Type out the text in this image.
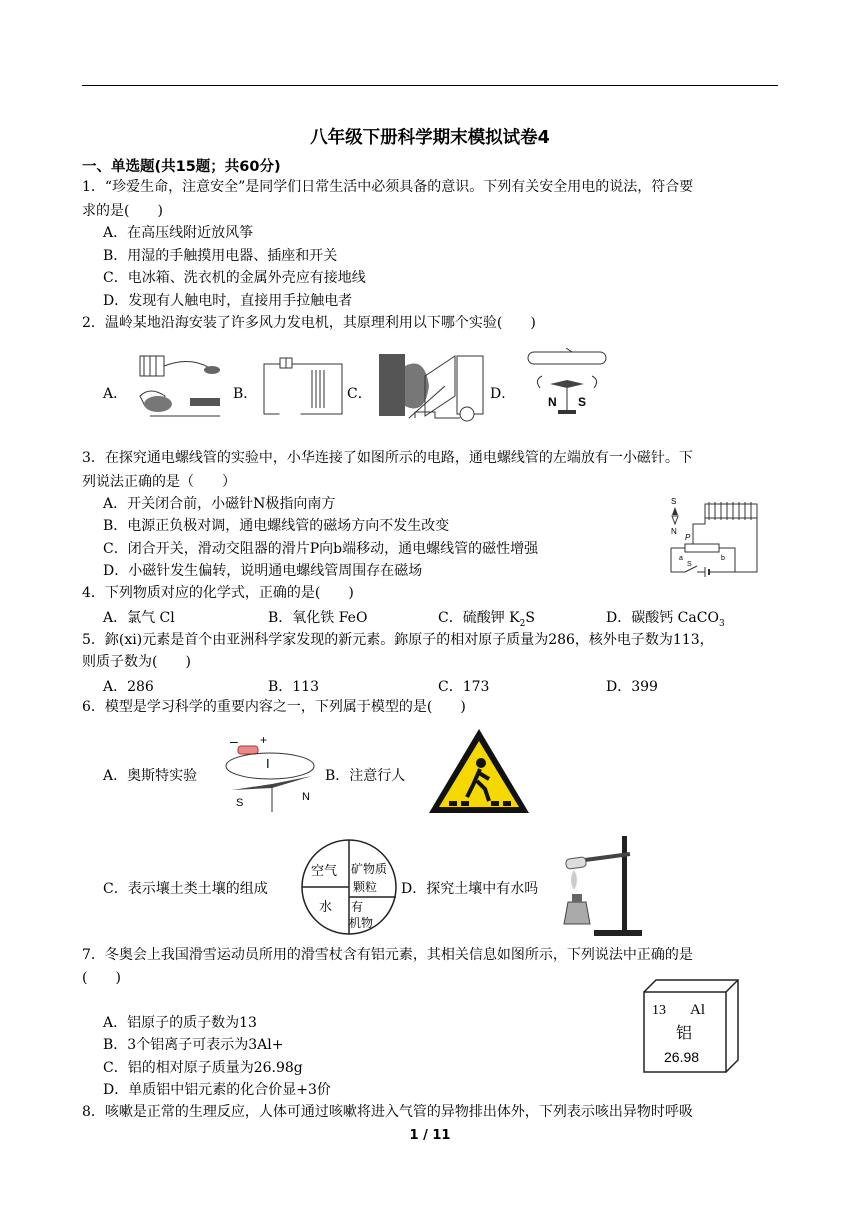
八年级下册科学期末模拟试卷4
一、单选题(共15题；共60分)
1．“珍爱生命，注意安全”是同学们日常生活中必须具备的意识。下列有关安全用电的说法，符合要
求的是(　　)
A．在高压线附近放风筝
B．用湿的手触摸用电器、插座和开关
C．电冰箱、洗衣机的金属外壳应有接地线
D．发现有人触电时，直接用手拉触电者
2．温岭某地沿海安装了许多风力发电机，其原理利用以下哪个实验(　　)
A．	B．	C．	D．	N S
3．在探究通电螺线管的实验中，小华连接了如图所示的电路，通电螺线管的左端放有一小磁针。下
列说法正确的是（　　）
A．开关闭合前，小磁针N极指向南方
B．电源正负极对调，通电螺线管的磁场方向不发生改变
C．闭合开关，滑动交阻器的滑片P向b端移动，通电螺线管的磁性增强
D．小磁针发生偏转，说明通电螺线管周围存在磁场
S
N
P
a	b
S
4．下列物质对应的化学式，正确的是(　　)
A．氯气 Cl	B．氧化铁 FeO	C．硫酸钾 $K_2S$	D．碳酸钙 CaCO$_3$
5．鉨(xi)元素是首个由亚洲科学家发现的新元素。鉨原子的相对原子质量为286，核外电子数为113，
则质子数为(　　)
A．286	B．113	C．173	D．399
6．模型是学习科学的重要内容之一，下列属于模型的是(　　)
A．奥斯特实验
– +
I
S	N
B．注意行人
C．表示壤土类土壤的组成
空气 矿物质
颗粒
水 有
机物
D．探究土壤中有水吗
7．冬奥会上我国滑雪运动员所用的滑雪杖含有铝元素，其相关信息如图所示，下列说法中正确的是
(　　)
A．铝原子的质子数为13
B．3个铝离子可表示为3Al+
C．铝的相对原子质量为26.98g
D．单质铝中铝元素的化合价显+3价
13 Al
铝
26.98
8．咳嗽是正常的生理反应，人体可通过咳嗽将进入气管的异物排出体外，下列表示咳出异物时呼吸
1 / 11
